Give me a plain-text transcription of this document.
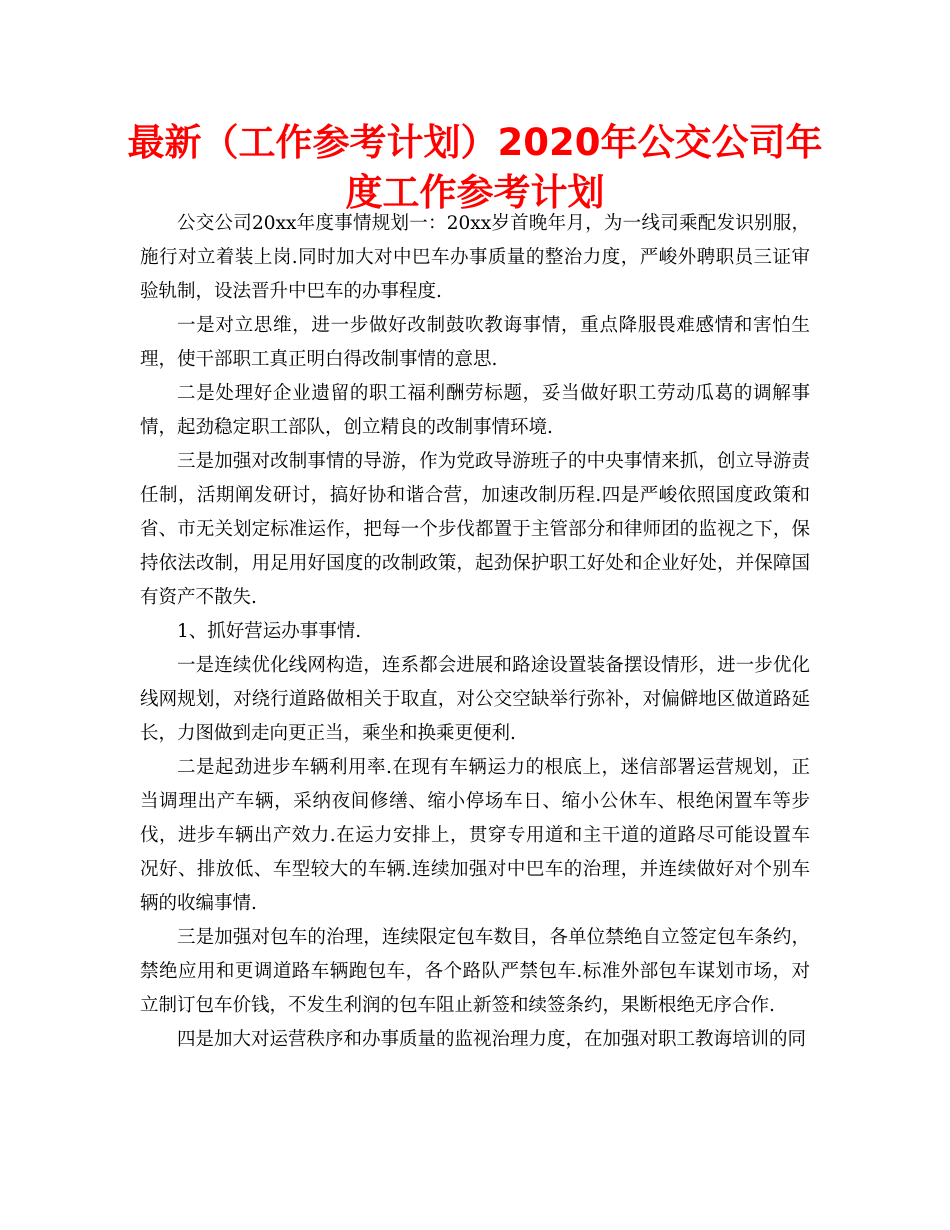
最新（工作参考计划）2020年公交公司年度工作参考计划

公交公司20xx年度事情规划一：20xx岁首晚年月，为一线司乘配发识别服，施行对立着装上岗.同时加大对中巴车办事质量的整治力度，严峻外聘职员三证审验轨制，设法晋升中巴车的办事程度.

一是对立思维，进一步做好改制鼓吹教诲事情，重点降服畏难感情和害怕生理，使干部职工真正明白得改制事情的意思.

二是处理好企业遗留的职工福利酬劳标题，妥当做好职工劳动瓜葛的调解事情，起劲稳定职工部队，创立精良的改制事情环境.

三是加强对改制事情的导游，作为党政导游班子的中央事情来抓，创立导游责任制，活期阐发研讨，搞好协和谐合营，加速改制历程.四是严峻依照国度政策和省、市无关划定标准运作，把每一个步伐都置于主管部分和律师团的监视之下，保持依法改制，用足用好国度的改制政策，起劲保护职工好处和企业好处，并保障国有资产不散失.

1、抓好营运办事事情.

一是连续优化线网构造，连系都会进展和路途设置装备摆设情形，进一步优化线网规划，对绕行道路做相关于取直，对公交空缺举行弥补，对偏僻地区做道路延长，力图做到走向更正当，乘坐和换乘更便利.

二是起劲进步车辆利用率.在现有车辆运力的根底上，迷信部署运营规划，正当调理出产车辆，采纳夜间修缮、缩小停场车日、缩小公休车、根绝闲置车等步伐，进步车辆出产效力.在运力安排上，贯穿专用道和主干道的道路尽可能设置车况好、排放低、车型较大的车辆.连续加强对中巴车的治理，并连续做好对个别车辆的收编事情.

三是加强对包车的治理，连续限定包车数目，各单位禁绝自立签定包车条约，禁绝应用和更调道路车辆跑包车，各个路队严禁包车.标准外部包车谋划市场，对立制订包车价钱，不发生利润的包车阻止新签和续签条约，果断根绝无序合作.

四是加大对运营秩序和办事质量的监视治理力度，在加强对职工教诲培训的同
